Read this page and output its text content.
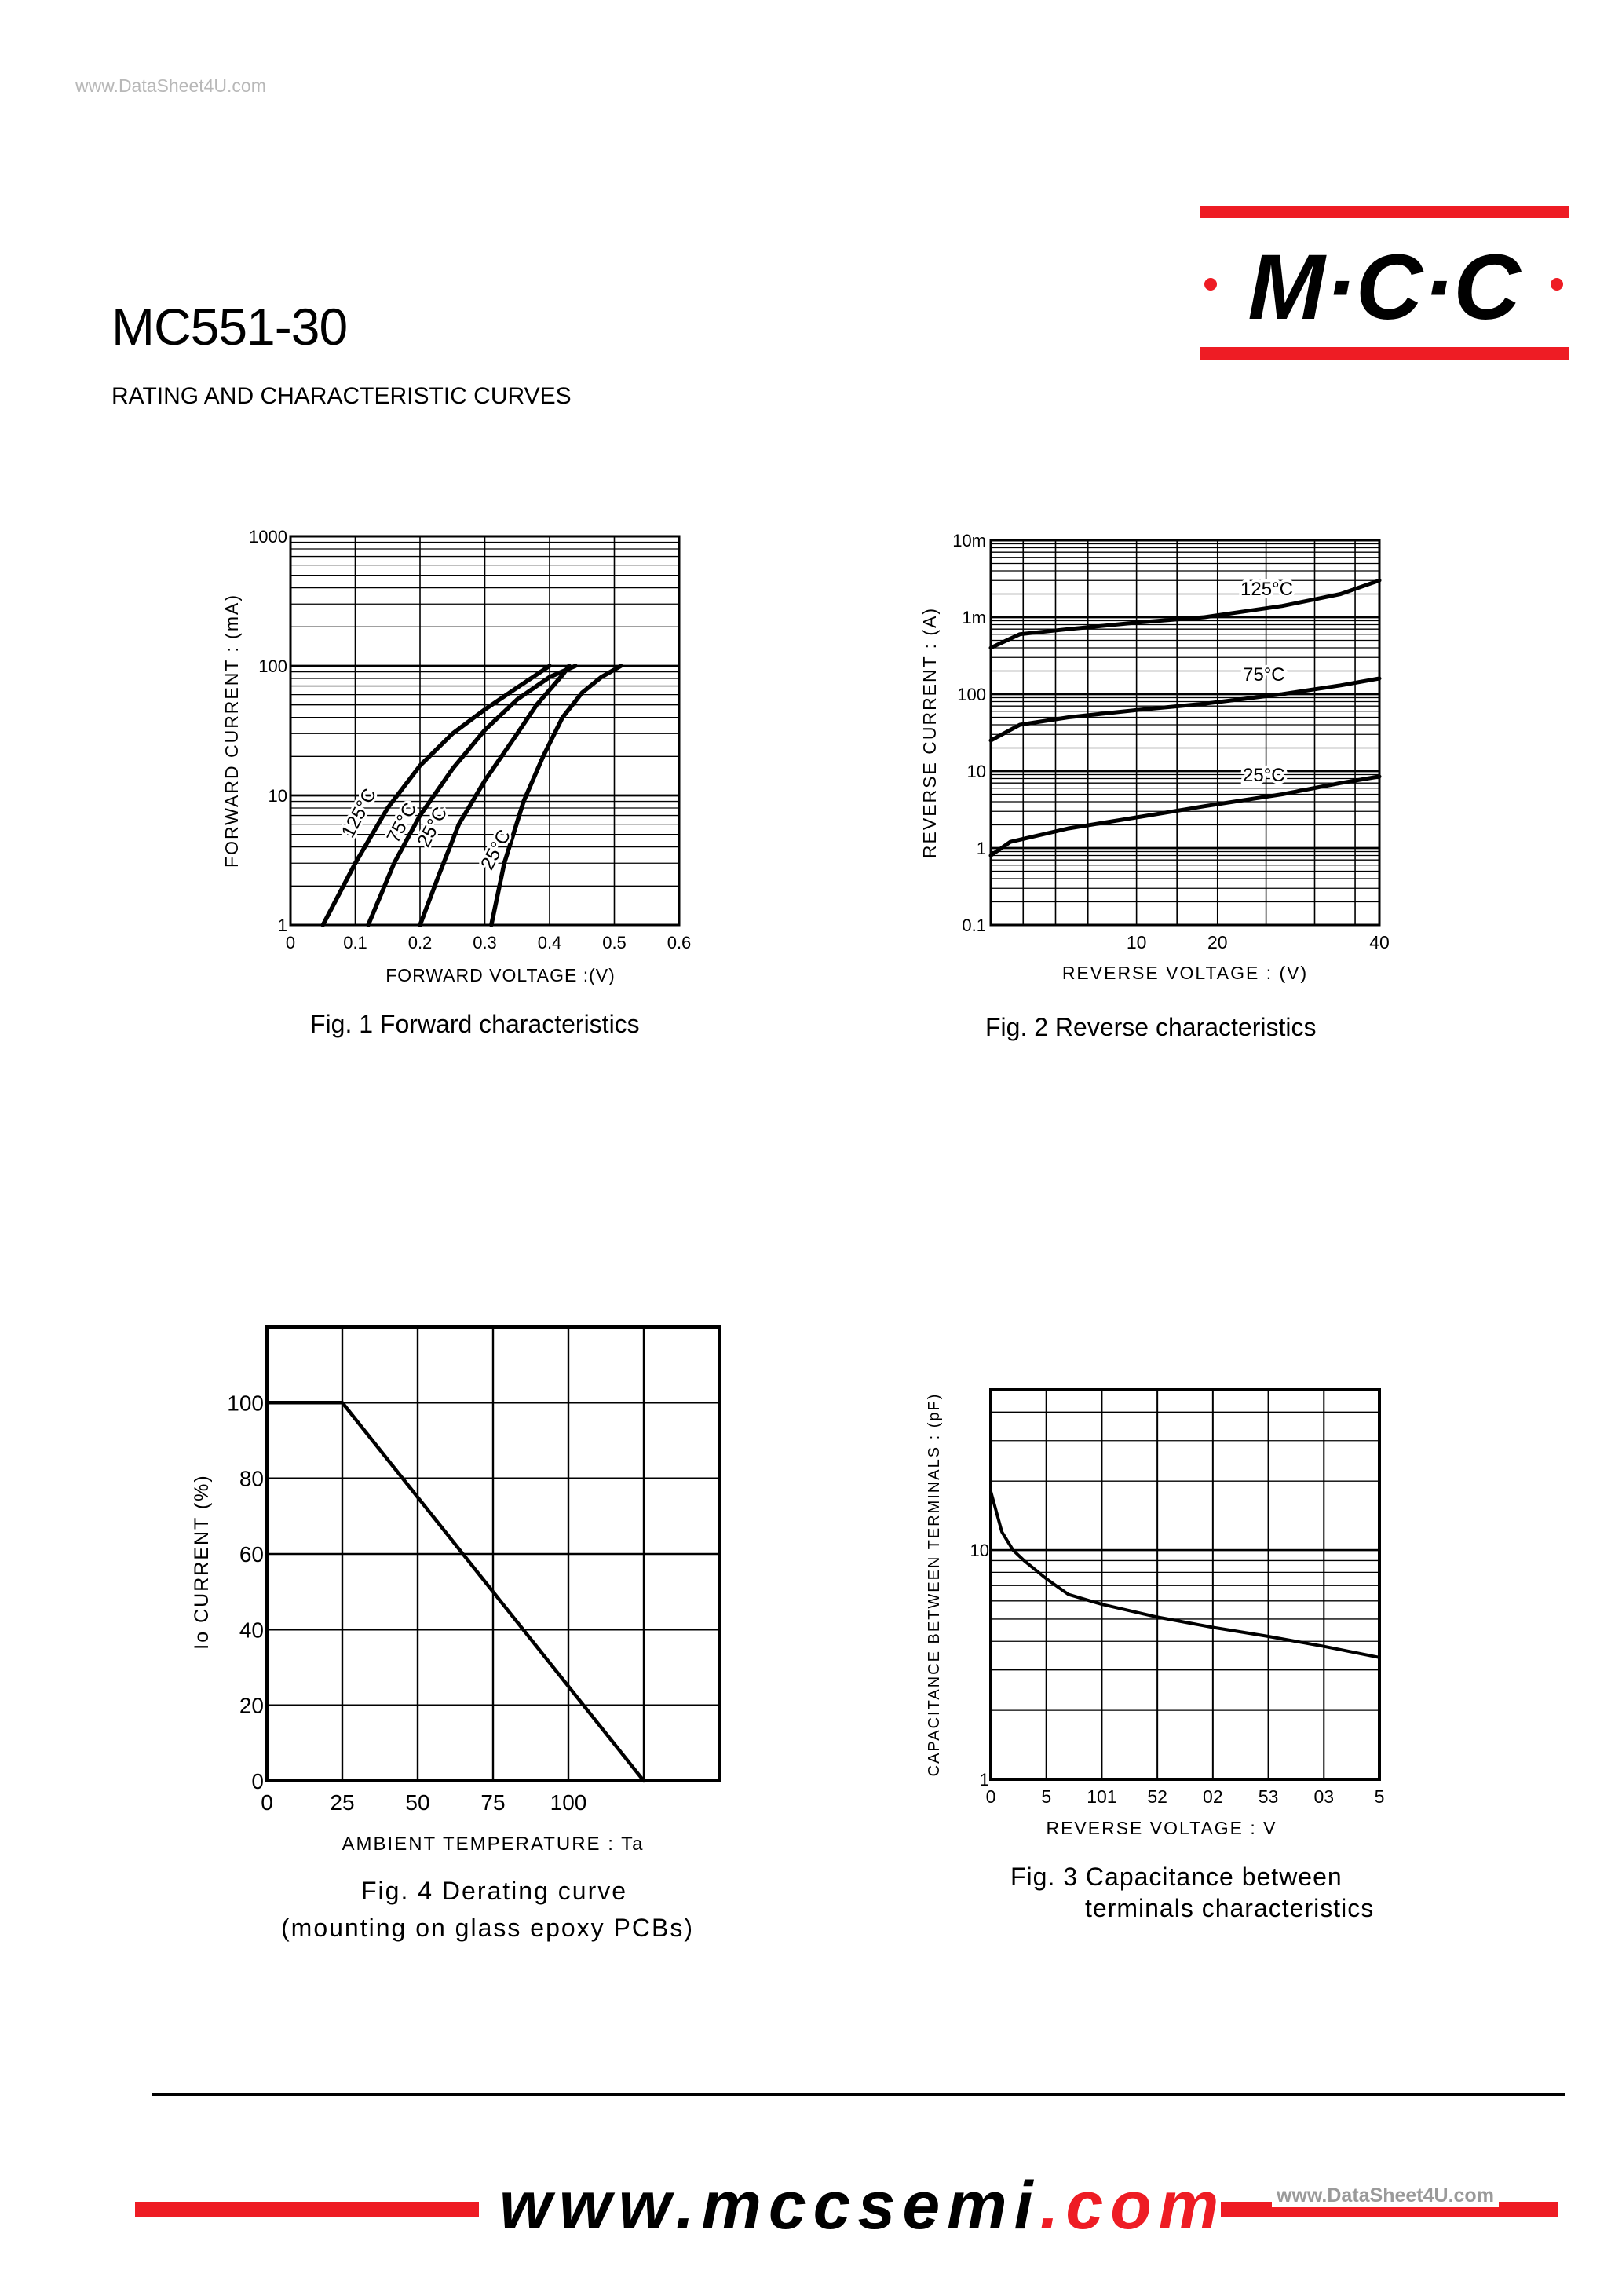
www.DataSheet4U.com
M·C·C
MC551-30
RATING AND CHARACTERISTIC CURVES
0	0.1 0.2 0.3 0.4 0.5 0.6
1
10
100
1000
FORWARD VOLTAGE :(V)
FORWARD CURRENT : (mA)	125°C 75°C
25°C 25°C
10	20	40
0.1
1
10
100
1m
10m
REVERSE VOLTAGE : (V)
REVERSE CURRENT : (A)
125°C
75°C
25°C
0	25 50 75 100
0
20
40
60
80
100
AMBIENT TEMPERATURE : Ta
Io CURRENT (%)
0	5 101 52 02 53 03 5
1
10
REVERSE VOLTAGE : V
CAPACITANCE BETWEEN TERMINALS : (pF)
Fig. 1 Forward characteristics	Fig. 2 Reverse characteristics
Fig. 4 Derating curve
(mounting on glass epoxy PCBs)
Fig. 3 Capacitance between
terminals characteristics
www.mccsemi.com	www.DataSheet4U.com
